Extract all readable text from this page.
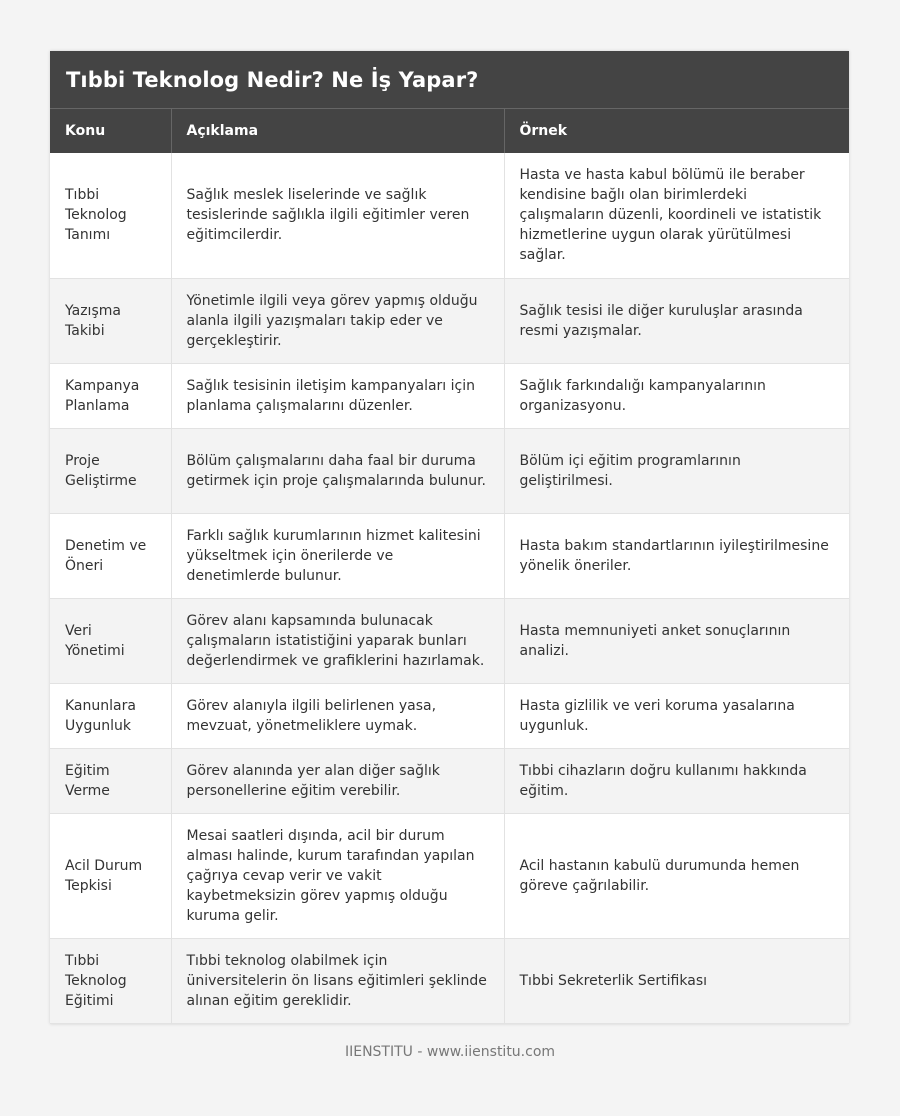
Tıbbi Teknolog Nedir? Ne İş Yapar?
Konu	Açıklama	Örnek
Tıbbi Teknolog Tanımı	Sağlık meslek liselerinde ve sağlık tesislerinde sağlıkla ilgili eğitimler veren eğitimcilerdir.	Hasta ve hasta kabul bölümü ile beraber kendisine bağlı olan birimlerdeki çalışmaların düzenli, koordineli ve istatistik hizmetlerine uygun olarak yürütülmesi sağlar.
Yazışma Takibi	Yönetimle ilgili veya görev yapmış olduğu alanla ilgili yazışmaları takip eder ve gerçekleştirir.	Sağlık tesisi ile diğer kuruluşlar arasında resmi yazışmalar.
Kampanya Planlama	Sağlık tesisinin iletişim kampanyaları için planlama çalışmalarını düzenler.	Sağlık farkındalığı kampanyalarının organizasyonu.
Proje Geliştirme	Bölüm çalışmalarını daha faal bir duruma getirmek için proje çalışmalarında bulunur.	Bölüm içi eğitim programlarının geliştirilmesi.
Denetim ve Öneri	Farklı sağlık kurumlarının hizmet kalitesini yükseltmek için önerilerde ve denetimlerde bulunur.	Hasta bakım standartlarının iyileştirilmesine yönelik öneriler.
Veri Yönetimi	Görev alanı kapsamında bulunacak çalışmaların istatistiğini yaparak bunları değerlendirmek ve grafiklerini hazırlamak.	Hasta memnuniyeti anket sonuçlarının analizi.
Kanunlara Uygunluk	Görev alanıyla ilgili belirlenen yasa, mevzuat, yönetmeliklere uymak.	Hasta gizlilik ve veri koruma yasalarına uygunluk.
Eğitim Verme	Görev alanında yer alan diğer sağlık personellerine eğitim verebilir.	Tıbbi cihazların doğru kullanımı hakkında eğitim.
Acil Durum Tepkisi	Mesai saatleri dışında, acil bir durum alması halinde, kurum tarafından yapılan çağrıya cevap verir ve vakit kaybetmeksizin görev yapmış olduğu kuruma gelir.	Acil hastanın kabulü durumunda hemen göreve çağrılabilir.
Tıbbi Teknolog Eğitimi	Tıbbi teknolog olabilmek için üniversitelerin ön lisans eğitimleri şeklinde alınan eğitim gereklidir.	Tıbbi Sekreterlik Sertifikası
IIENSTITU - www.iienstitu.com
